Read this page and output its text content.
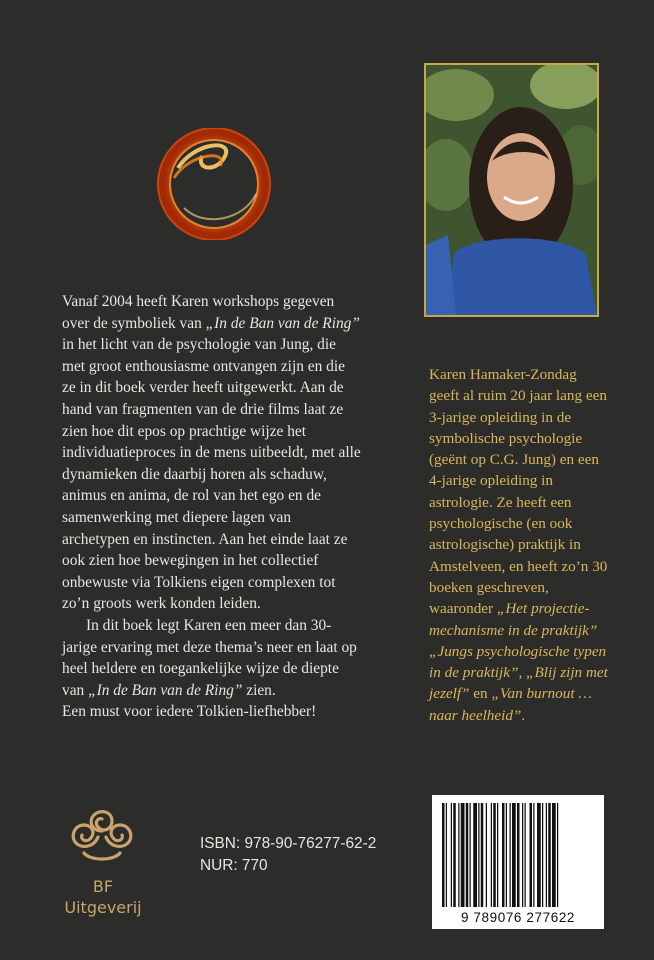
Vanaf 2004 heeft Karen workshops gegeven over de symboliek van „In de Ban van de Ring” in het licht van de psychologie van Jung, die met groot enthousiasme ontvangen zijn en die ze in dit boek verder heeft uitgewerkt. Aan de hand van fragmenten van de drie films laat ze zien hoe dit epos op prachtige wijze het individuatieproces in de mens uitbeeldt, met alle dynamieken die daarbij horen als schaduw, animus en anima, de rol van het ego en de samenwerking met diepere lagen van archetypen en instincten. Aan het einde laat ze ook zien hoe bewegingen in het collectief onbewuste via Tolkiens eigen complexen tot zo’n groots werk konden leiden.

In dit boek legt Karen een meer dan 30-jarige ervaring met deze thema’s neer en laat op heel heldere en toegankelijke wijze de diepte van „In de Ban van de Ring” zien.

Een must voor iedere Tolkien-liefhebber!

Karen Hamaker-Zondag geeft al ruim 20 jaar lang een 3-jarige opleiding in de symbolische psychologie (geënt op C.G. Jung) en een 4-jarige opleiding in astrologie. Ze heeft een psychologische (en ook astrologische) praktijk in Amstelveen, en heeft zo’n 30 boeken geschreven, waaronder „Het projectie-mechanisme in de praktijk” „Jungs psychologische typen in de praktijk”, „Blij zijn met jezelf” en „Van burnout … naar heelheid”.

BF
Uitgeverij
ISBN: 978-90-76277-62-2
NUR: 770
9 789076 277622
